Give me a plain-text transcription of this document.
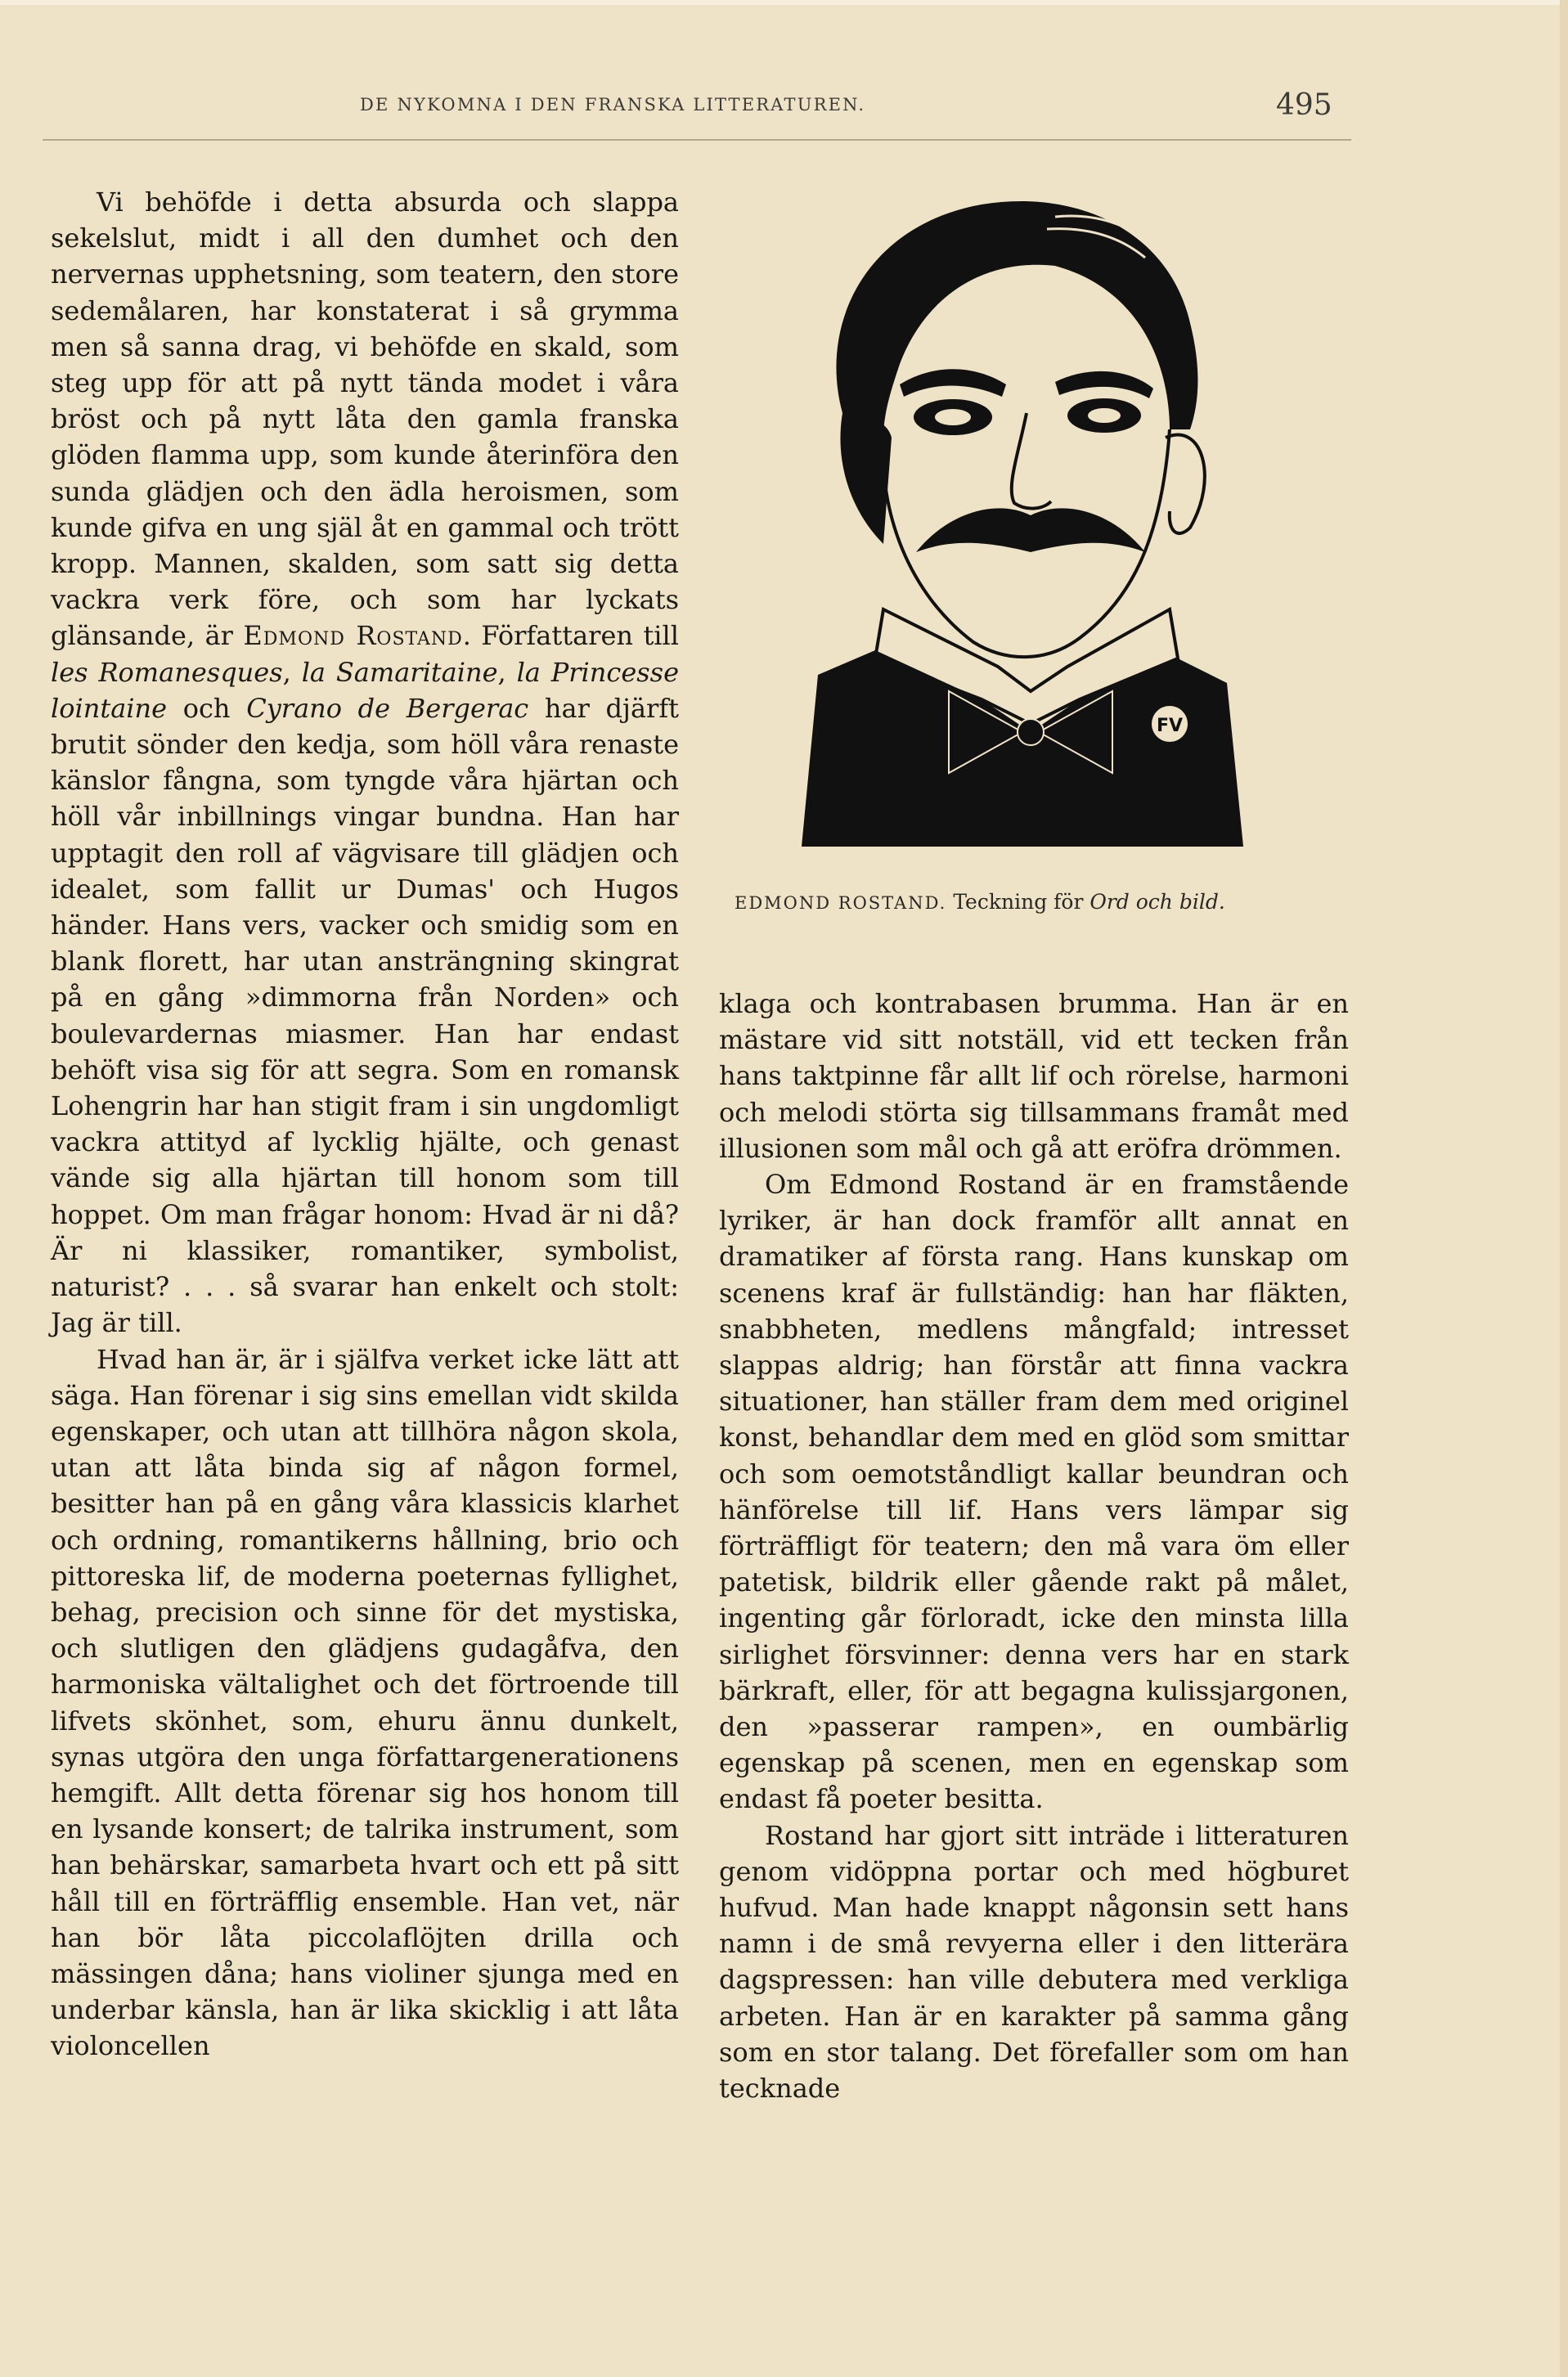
DE NYKOMNA I DEN FRANSKA LITTERATUREN.	495

Vi behöfde i detta absurda och slappa sekelslut, midt i all den dumhet och den nervernas upphetsning, som teatern, den store sedemålaren, har konstaterat i så grymma men så sanna drag, vi behöfde en skald, som steg upp för att på nytt tända modet i våra bröst och på nytt låta den gamla franska glöden flamma upp, som kunde återinföra den sunda glädjen och den ädla heroismen, som kunde gifva en ung själ åt en gammal och trött kropp. Mannen, skalden, som satt sig detta vackra verk före, och som har lyckats glänsande, är Edmond Rostand. Författaren till les Romanesques, la Samaritaine, la Princesse lointaine och Cyrano de Bergerac har djärft brutit sönder den kedja, som höll våra renaste känslor fångna, som tyngde våra hjärtan och höll vår inbillnings vingar bundna. Han har upptagit den roll af vägvisare till glädjen och idealet, som fallit ur Dumas' och Hugos händer. Hans vers, vacker och smidig som en blank florett, har utan ansträngning skingrat på en gång »dimmorna från Norden» och boulevardernas miasmer. Han har endast behöft visa sig för att segra. Som en romansk Lohengrin har han stigit fram i sin ungdomligt vackra attityd af lycklig hjälte, och genast vände sig alla hjärtan till honom som till hoppet. Om man frågar honom: Hvad är ni då? Är ni klassiker, romantiker, symbolist, naturist? . . . så svarar han enkelt och stolt: Jag är till.

Hvad han är, är i själfva verket icke lätt att säga. Han förenar i sig sins emellan vidt skilda egenskaper, och utan att tillhöra någon skola, utan att låta binda sig af någon formel, besitter han på en gång våra klassicis klarhet och ordning, romantikerns hållning, brio och pittoreska lif, de moderna poeternas fyllighet, behag, precision och sinne för det mystiska, och slutligen den glädjens gudagåfva, den harmoniska vältalighet och det förtroende till lifvets skönhet, som, ehuru ännu dunkelt, synas utgöra den unga författargenerationens hemgift. Allt detta förenar sig hos honom till en lysande konsert; de talrika instrument, som han behärskar, samarbeta hvart och ett på sitt håll till en förträfflig ensemble. Han vet, när han bör låta piccolaflöjten drilla och mässingen dåna; hans violiner sjunga med en underbar känsla, han är lika skicklig i att låta violoncellen

FV
EDMOND ROSTAND. Teckning för Ord och bild.

klaga och kontrabasen brumma. Han är en mästare vid sitt notställ, vid ett tecken från hans taktpinne får allt lif och rörelse, harmoni och melodi störta sig tillsammans framåt med illusionen som mål och gå att eröfra drömmen.

Om Edmond Rostand är en framstående lyriker, är han dock framför allt annat en dramatiker af första rang. Hans kunskap om scenens kraf är fullständig: han har fläkten, snabbheten, medlens mångfald; intresset slappas aldrig; han förstår att finna vackra situationer, han ställer fram dem med originel konst, behandlar dem med en glöd som smittar och som oemotståndligt kallar beundran och hänförelse till lif. Hans vers lämpar sig förträffligt för teatern; den må vara öm eller patetisk, bildrik eller gående rakt på målet, ingenting går förloradt, icke den minsta lilla sirlighet försvinner: denna vers har en stark bärkraft, eller, för att begagna kulissjargonen, den »passerar rampen», en oumbärlig egenskap på scenen, men en egenskap som endast få poeter besitta.

Rostand har gjort sitt inträde i litteraturen genom vidöppna portar och med högburet hufvud. Man hade knappt någonsin sett hans namn i de små revyerna eller i den litterära dagspressen: han ville debutera med verkliga arbeten. Han är en karakter på samma gång som en stor talang. Det förefaller som om han tecknade
